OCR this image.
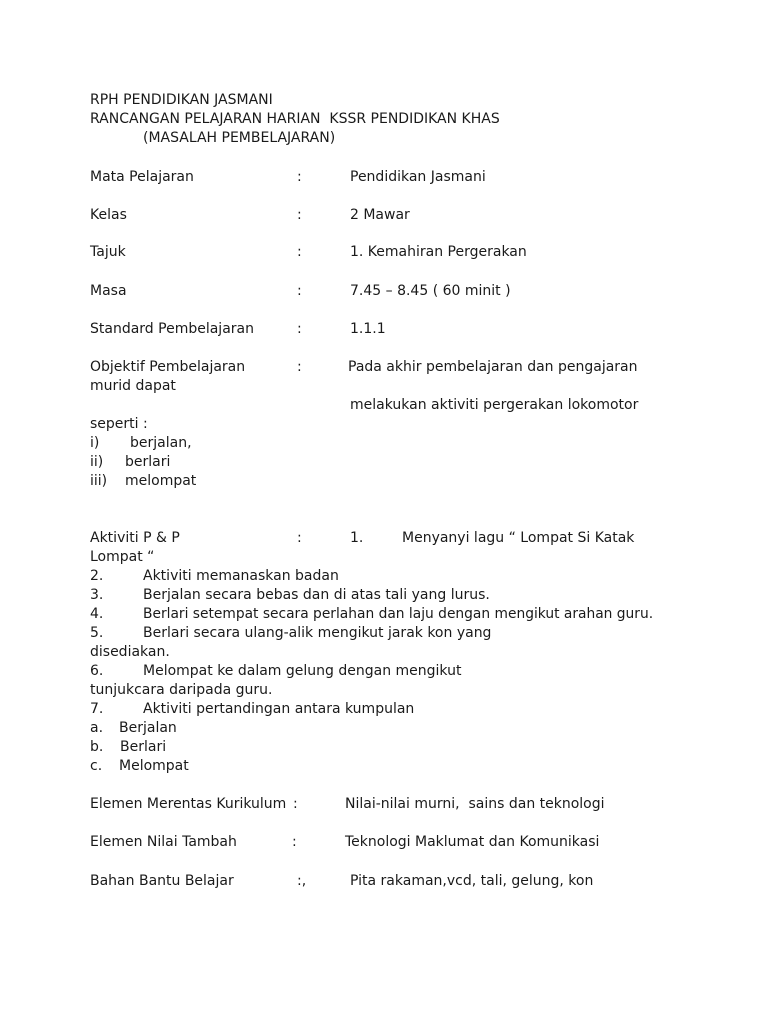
RPH PENDIDIKAN JASMANI
RANCANGAN PELAJARAN HARIAN  KSSR PENDIDIKAN KHAS
(MASALAH PEMBELAJARAN)
Mata Pelajaran	:	Pendidikan Jasmani
Kelas	:	2 Mawar
Tajuk	:	1. Kemahiran Pergerakan
Masa	:	7.45 – 8.45 ( 60 minit )
Standard Pembelajaran	:	1.1.1
Objektif Pembelajaran	:	Pada akhir pembelajaran dan pengajaran
murid dapat
melakukan aktiviti pergerakan lokomotor
seperti :
i) berjalan,
ii) berlari
iii) melompat
Aktiviti P & P	:	1.	Menyanyi lagu “ Lompat Si Katak
Lompat “
2.	Aktiviti memanaskan badan
3.	Berjalan secara bebas dan di atas tali yang lurus.
4.	Berlari setempat secara perlahan dan laju dengan mengikut arahan guru.
5.	Berlari secara ulang-alik mengikut jarak kon yang
disediakan.
6.	Melompat ke dalam gelung dengan mengikut
tunjukcara daripada guru.
7.	Aktiviti pertandingan antara kumpulan
a. Berjalan
b. Berlari
c. Melompat
Elemen Merentas Kurikulum :	Nilai-nilai murni,  sains dan teknologi
Elemen Nilai Tambah	:	Teknologi Maklumat dan Komunikasi
Bahan Bantu Belajar	:,	Pita rakaman,vcd, tali, gelung, kon
